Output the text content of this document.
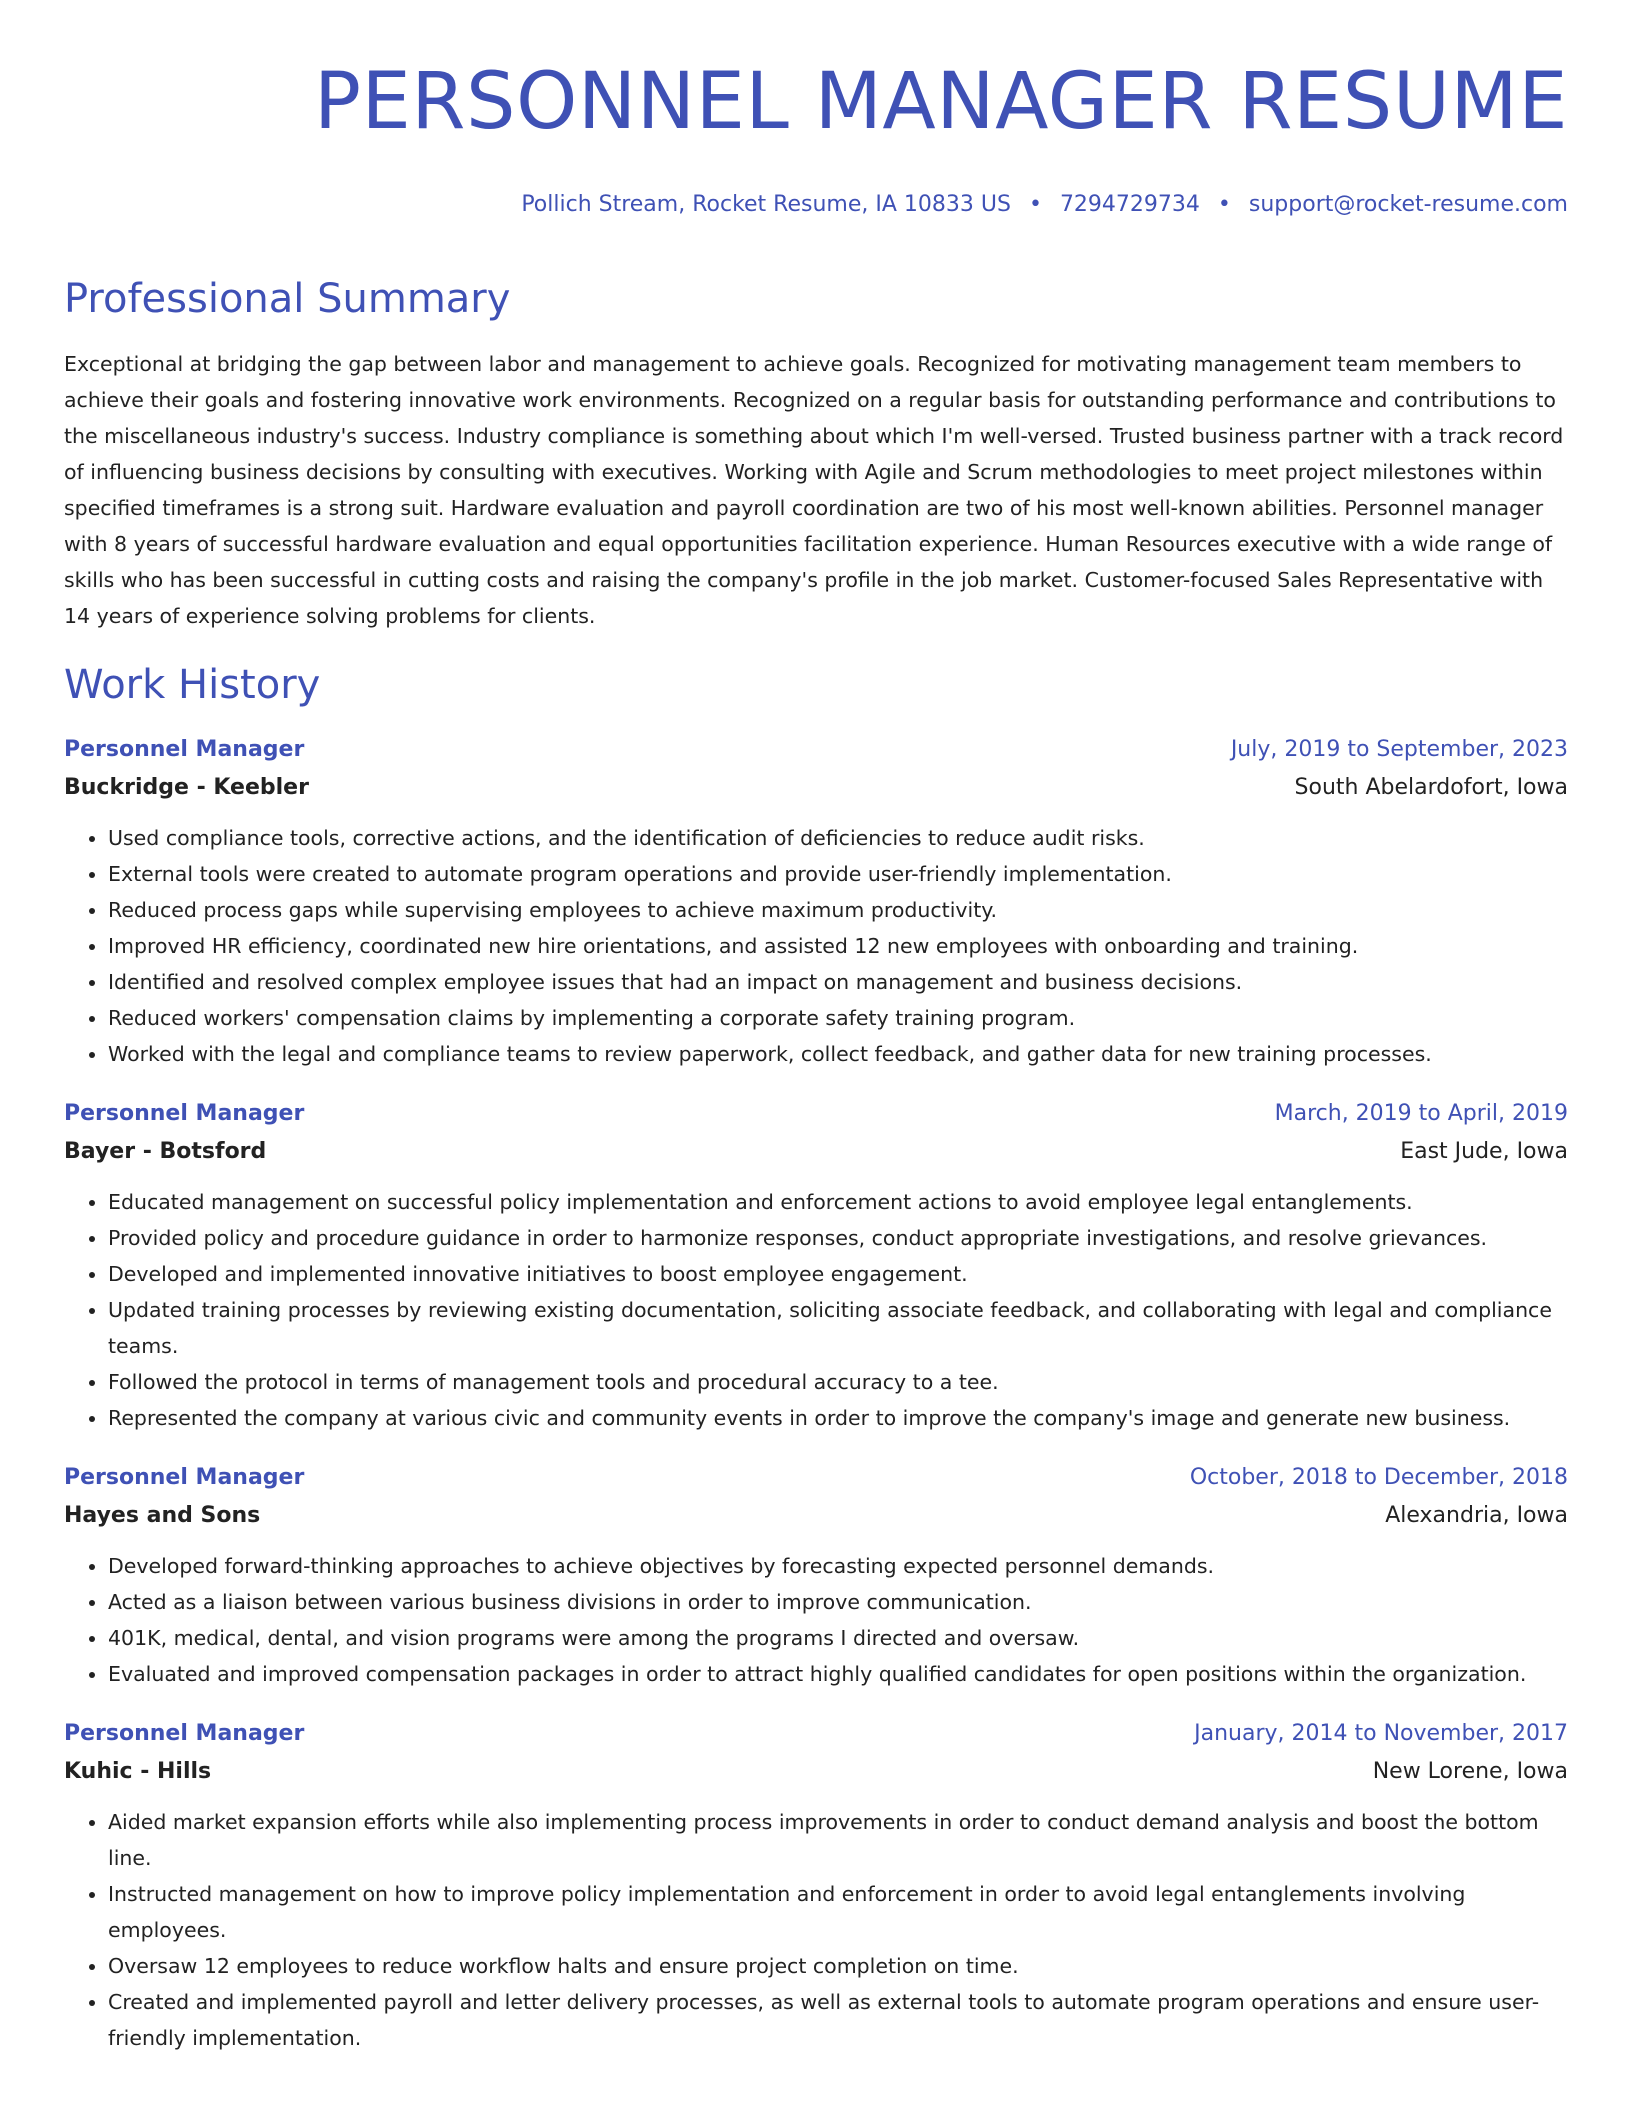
PERSONNEL MANAGER RESUME
Pollich Stream, Rocket Resume, IA 10833 US • 7294729734 • support@rocket-resume.com
Professional Summary
Exceptional at bridging the gap between labor and management to achieve goals. Recognized for motivating management team members to achieve their goals and fostering innovative work environments. Recognized on a regular basis for outstanding performance and contributions to the miscellaneous industry's success. Industry compliance is something about which I'm well-versed. Trusted business partner with a track record of influencing business decisions by consulting with executives. Working with Agile and Scrum methodologies to meet project milestones within specified timeframes is a strong suit. Hardware evaluation and payroll coordination are two of his most well-known abilities. Personnel manager with 8 years of successful hardware evaluation and equal opportunities facilitation experience. Human Resources executive with a wide range of skills who has been successful in cutting costs and raising the company's profile in the job market. Customer-focused Sales Representative with 14 years of experience solving problems for clients.
Work History
Personnel Manager	July, 2019 to September, 2023
Buckridge - Keebler	South Abelardofort, Iowa
• Used compliance tools, corrective actions, and the identification of deficiencies to reduce audit risks.
• External tools were created to automate program operations and provide user-friendly implementation.
• Reduced process gaps while supervising employees to achieve maximum productivity.
• Improved HR efficiency, coordinated new hire orientations, and assisted 12 new employees with onboarding and training.
• Identified and resolved complex employee issues that had an impact on management and business decisions.
• Reduced workers' compensation claims by implementing a corporate safety training program.
• Worked with the legal and compliance teams to review paperwork, collect feedback, and gather data for new training processes.
Personnel Manager	March, 2019 to April, 2019
Bayer - Botsford	East Jude, Iowa
• Educated management on successful policy implementation and enforcement actions to avoid employee legal entanglements.
• Provided policy and procedure guidance in order to harmonize responses, conduct appropriate investigations, and resolve grievances.
• Developed and implemented innovative initiatives to boost employee engagement.
• Updated training processes by reviewing existing documentation, soliciting associate feedback, and collaborating with legal and compliance teams.
• Followed the protocol in terms of management tools and procedural accuracy to a tee.
• Represented the company at various civic and community events in order to improve the company's image and generate new business.
Personnel Manager	October, 2018 to December, 2018
Hayes and Sons	Alexandria, Iowa
• Developed forward-thinking approaches to achieve objectives by forecasting expected personnel demands.
• Acted as a liaison between various business divisions in order to improve communication.
• 401K, medical, dental, and vision programs were among the programs I directed and oversaw.
• Evaluated and improved compensation packages in order to attract highly qualified candidates for open positions within the organization.
Personnel Manager	January, 2014 to November, 2017
Kuhic - Hills	New Lorene, Iowa
• Aided market expansion efforts while also implementing process improvements in order to conduct demand analysis and boost the bottom line.
• Instructed management on how to improve policy implementation and enforcement in order to avoid legal entanglements involving employees.
• Oversaw 12 employees to reduce workflow halts and ensure project completion on time.
• Created and implemented payroll and letter delivery processes, as well as external tools to automate program operations and ensure user-friendly implementation.
